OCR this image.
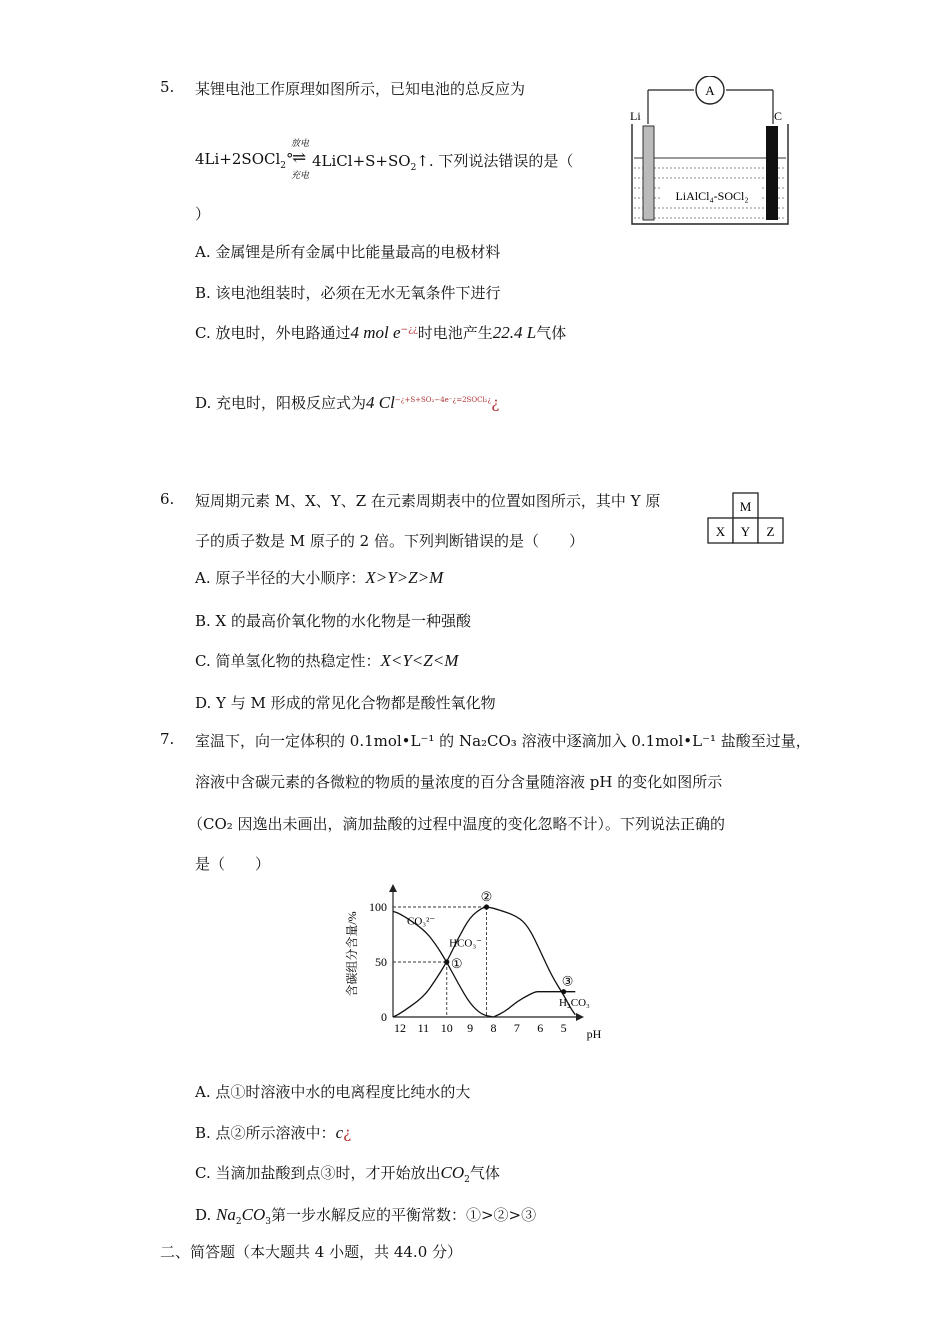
5. 某锂电池工作原理如图所示，已知电池的总反应为
4Li+2SOCl$_2$°
放电
⇌
充电
$4LiCl+S+SO_2↑$. 下列说法错误的是（
）
A. 金属锂是所有金属中比能量最高的电极材料
B. 该电池组装时，必须在无水无氧条件下进行
C. 放电时，外电路通过4 mol e−¿¿时电池产生22.4 L气体
D. 充电时，阳极反应式为4 $Cl^{-¿+S+SO_2-4e^-¿=2SOCl_2¿}¿$
A
Li	C
LiAlCl₄-SOCl₂
6. 短周期元素 M、X、Y、Z 在元素周期表中的位置如图所示，其中 Y 原
子的质子数是 M 原子的 2 倍。下列判断错误的是（　　）
M
X Y Z
A. 原子半径的大小顺序：X>Y>Z>M
B. X 的最高价氧化物的水化物是一种强酸
C. 简单氢化物的热稳定性：X<Y<Z<M
D. Y 与 M 形成的常见化合物都是酸性氧化物
7. 室温下，向一定体积的 0.1mol•L⁻¹ 的 Na₂CO₃ 溶液中逐滴加入 0.1mol•L⁻¹ 盐酸至过量，
溶液中含碳元素的各微粒的物质的量浓度的百分含量随溶液 pH 的变化如图所示
（CO₂ 因逸出未画出，滴加盐酸的过程中温度的变化忽略不计）。下列说法正确的
是（　　）
含碳组分含量/%
pH
100
50
0
12 11 10 9 8 7 6 5
CO₃²⁻
HCO₃⁻
H₂CO₃
①
②
③
A. 点①时溶液中水的电离程度比纯水的大
B. 点②所示溶液中：c¿
C. 当滴加盐酸到点③时，才开始放出$CO_2$气体
D. $Na_2CO_3$第一步水解反应的平衡常数：①>②>③
二、简答题（本大题共 4 小题，共 44.0 分）
